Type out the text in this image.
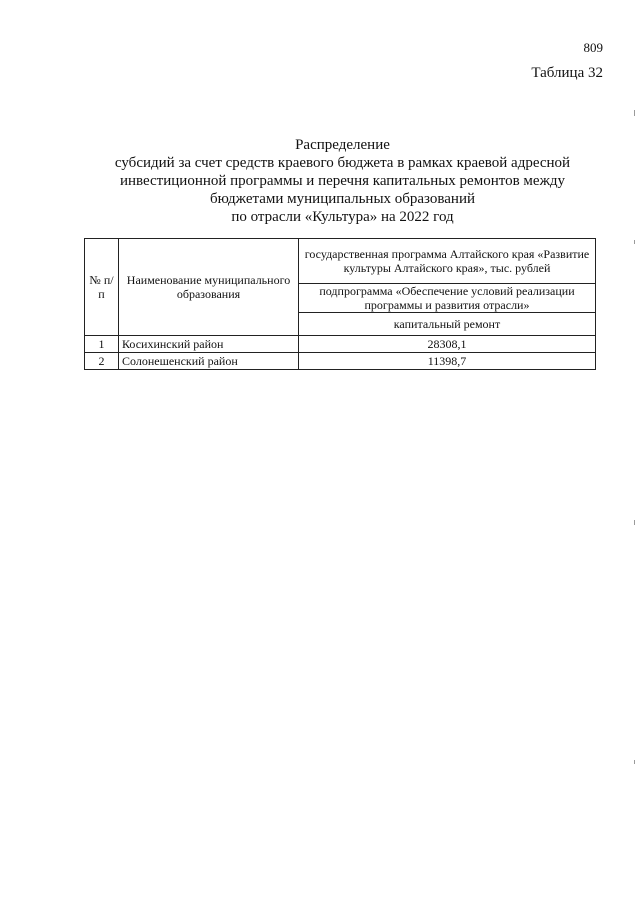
809
Таблица 32
Распределение
субсидий за счет средств краевого бюджета в рамках краевой адресной
инвестиционной программы и перечня капитальных ремонтов между
бюджетами муниципальных образований
по отрасли «Культура» на 2022 год
№ п/п	Наименование муниципального образования	государственная программа Алтайского края «Развитие культуры Алтайского края», тыс. рублей
		подпрограмма «Обеспечение условий реализации программы и развития отрасли»
		капитальный ремонт
1	Косихинский район	28308,1
2	Солонешенский район	11398,7
